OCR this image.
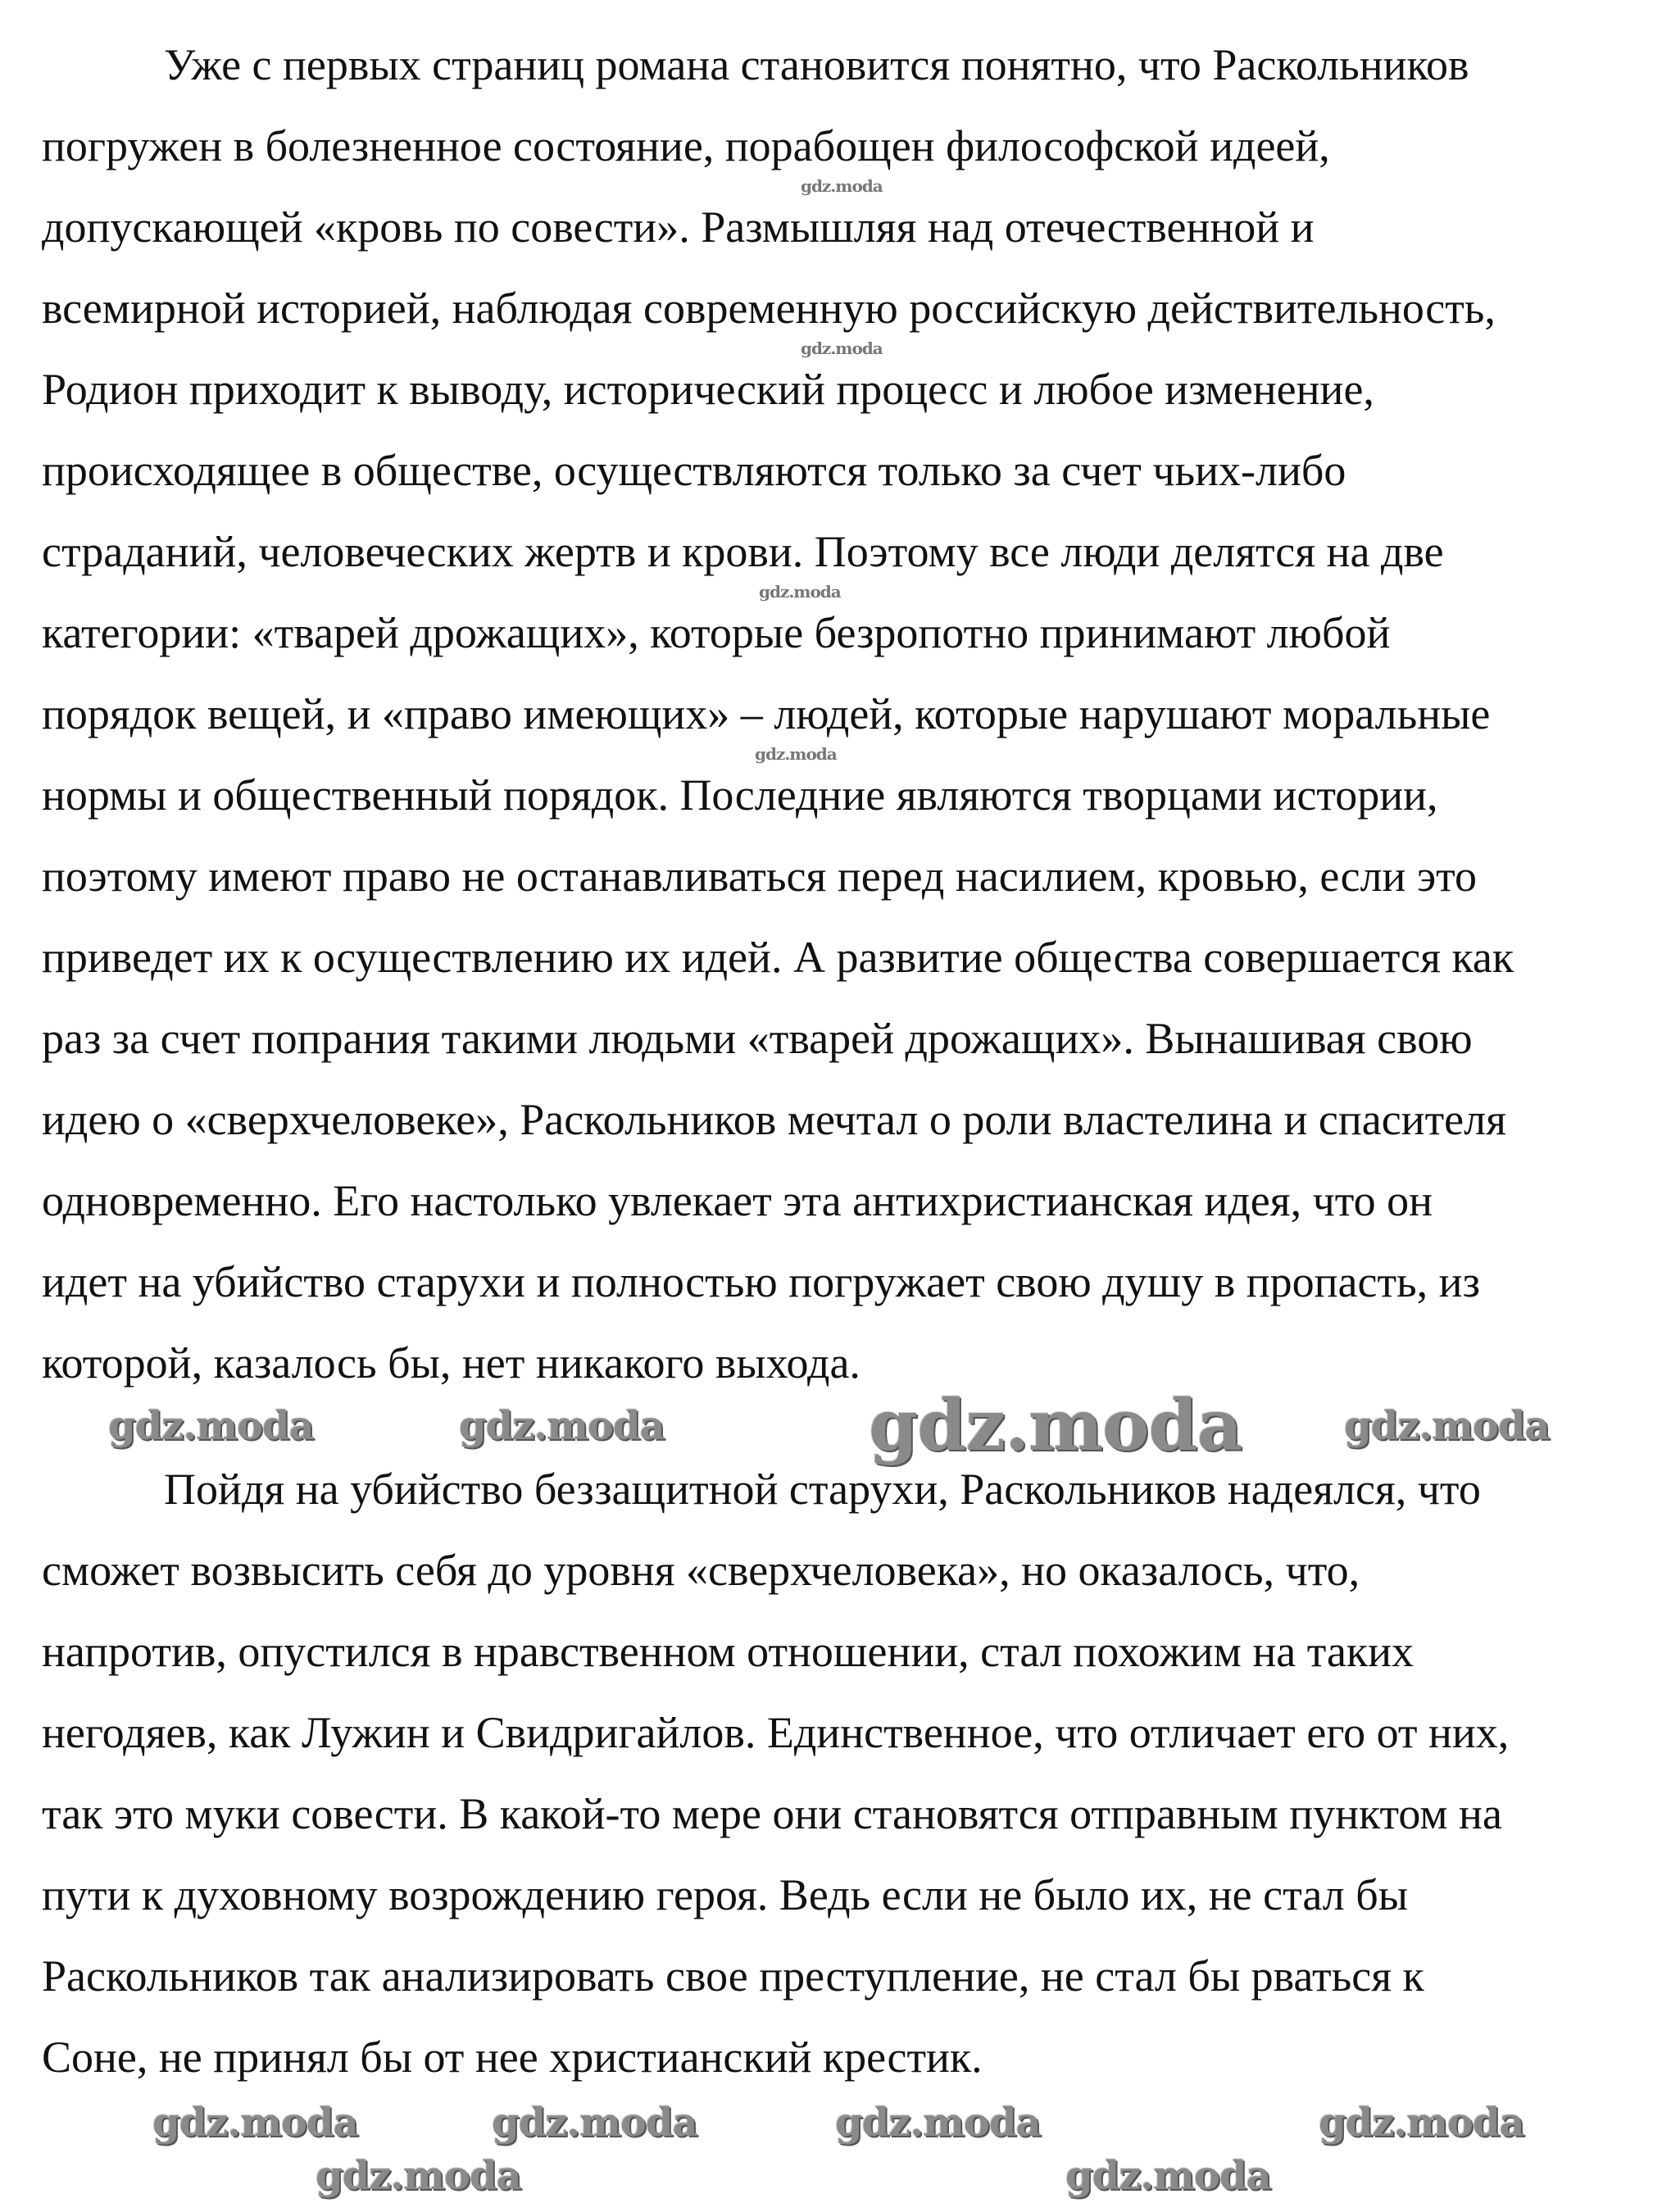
Уже с первых страниц романа становится понятно, что Раскольников
погружен в болезненное состояние, порабощен философской идеей,
допускающей «кровь по совести». Размышляя над отечественной и
всемирной историей, наблюдая современную российскую действительность,
Родион приходит к выводу, исторический процесс и любое изменение,
происходящее в обществе, осуществляются только за счет чьих-либо
страданий, человеческих жертв и крови. Поэтому все люди делятся на две
категории: «тварей дрожащих», которые безропотно принимают любой
порядок вещей, и «право имеющих» – людей, которые нарушают моральные
нормы и общественный порядок. Последние являются творцами истории,
поэтому имеют право не останавливаться перед насилием, кровью, если это
приведет их к осуществлению их идей. А развитие общества совершается как
раз за счет попрания такими людьми «тварей дрожащих». Вынашивая свою
идею о «сверхчеловеке», Раскольников мечтал о роли властелина и спасителя
одновременно. Его настолько увлекает эта антихристианская идея, что он
идет на убийство старухи и полностью погружает свою душу в пропасть, из
которой, казалось бы, нет никакого выхода.
Пойдя на убийство беззащитной старухи, Раскольников надеялся, что
сможет возвысить себя до уровня «сверхчеловека», но оказалось, что,
напротив, опустился в нравственном отношении, стал похожим на таких
негодяев, как Лужин и Свидригайлов. Единственное, что отличает его от них,
так это муки совести. В какой-то мере они становятся отправным пунктом на
пути к духовному возрождению героя. Ведь если не было их, не стал бы
Раскольников так анализировать свое преступление, не стал бы рваться к
Соне, не принял бы от нее христианский крестик.
gdz.moda
gdz.moda
gdz.moda
gdz.moda
gdz.moda	gdz.moda	gdz.moda	gdz.moda
gdz.moda	gdz.moda	gdz.moda	gdz.moda
gdz.moda	gdz.moda
